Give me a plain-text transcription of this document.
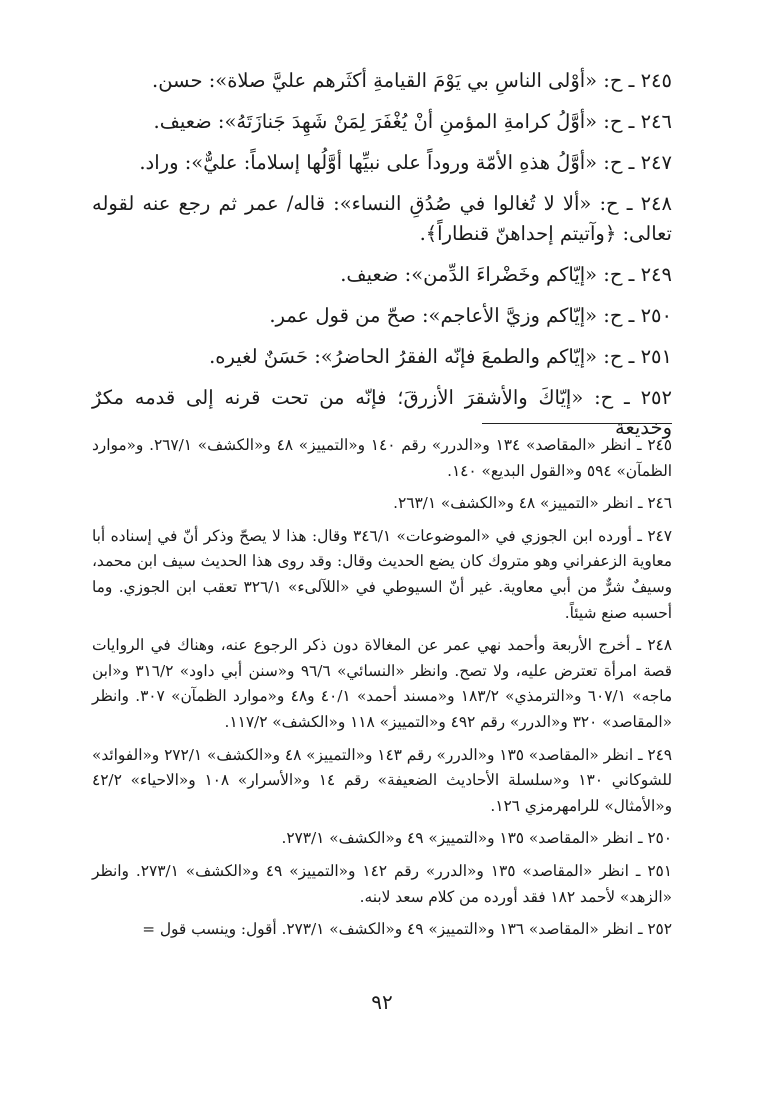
٢٤٥ ـ ح: «أوْلى الناسِ بي يَوْمَ القيامةِ أكثَرهم عليَّ صلاة»: حسن.

٢٤٦ ـ ح: «أوَّلُ كرامةِ المؤمنِ أنْ يُغْفَرَ لِمَنْ شَهِدَ جَنازَتَهُ»: ضعيف.

٢٤٧ ـ ح: «أوَّلُ هذهِ الأمّة وروداً على نبيِّها أوَّلُها إسلاماً: عليٌّ»: وراد.

٢٤٨ ـ ح: «ألا لا تُغالوا في صُدُقِ النساء»: قاله/ عمر ثم رجع عنه لقوله تعالى: ﴿وآتيتم إحداهنّ قنطاراً﴾.

٢٤٩ ـ ح: «إيّاكم وخَضْراءَ الدِّمن»: ضعيف.

٢٥٠ ـ ح: «إيّاكم وزيَّ الأعاجم»: صحّ من قول عمر.

٢٥١ ـ ح: «إيّاكم والطمعَ فإنّه الفقرُ الحاضرُ»: حَسَنٌ لغيره.

٢٥٢ ـ ح: «إيّاكَ والأشقرَ الأزرقَ؛ فإنّه من تحت قرنه إلى قدمه مكرٌ وخديعة

٢٤٥ ـ انظر «المقاصد» ١٣٤ و«الدرر» رقم ١٤٠ و«التمييز» ٤٨ و«الكشف» ٢٦٧/١. و«موارد الظمآن» ٥٩٤ و«القول البديع» ١٤٠.

٢٤٦ ـ انظر «التمييز» ٤٨ و«الكشف» ٢٦٣/١.

٢٤٧ ـ أورده ابن الجوزي في «الموضوعات» ٣٤٦/١ وقال: هذا لا يصحّ وذكر أنّ في إسناده أبا معاوية الزعفراني وهو متروك كان يضع الحديث وقال: وقد روى هذا الحديث سيف ابن محمد، وسيفٌ شرٌّ من أبي معاوية. غير أنّ السيوطي في «اللآلىء» ٣٢٦/١ تعقب ابن الجوزي. وما أحسبه صنع شيئاً.

٢٤٨ ـ أخرج الأربعة وأحمد نهي عمر عن المغالاة دون ذكر الرجوع عنه، وهناك في الروايات قصة امرأة تعترض عليه، ولا تصح. وانظر «النسائي» ٩٦/٦ و«سنن أبي داود» ٣١٦/٢ و«ابن ماجه» ٦٠٧/١ و«الترمذي» ١٨٣/٢ و«مسند أحمد» ٤٠/١ و٤٨ و«موارد الظمآن» ٣٠٧. وانظر «المقاصد» ٣٢٠ و«الدرر» رقم ٤٩٢ و«التمييز» ١١٨ و«الكشف» ١١٧/٢.

٢٤٩ ـ انظر «المقاصد» ١٣٥ و«الدرر» رقم ١٤٣ و«التمييز» ٤٨ و«الكشف» ٢٧٢/١ و«الفوائد» للشوكاني ١٣٠ و«سلسلة الأحاديث الضعيفة» رقم ١٤ و«الأسرار» ١٠٨ و«الاحياء» ٤٢/٢ و«الأمثال» للرامهرمزي ١٢٦.

٢٥٠ ـ انظر «المقاصد» ١٣٥ و«التمييز» ٤٩ و«الكشف» ٢٧٣/١.

٢٥١ ـ انظر «المقاصد» ١٣٥ و«الدرر» رقم ١٤٢ و«التمييز» ٤٩ و«الكشف» ٢٧٣/١. وانظر «الزهد» لأحمد ١٨٢ فقد أورده من كلام سعد لابنه.

٢٥٢ ـ انظر «المقاصد» ١٣٦ و«التمييز» ٤٩ و«الكشف» ٢٧٣/١. أقول: وينسب قول =

٩٢
